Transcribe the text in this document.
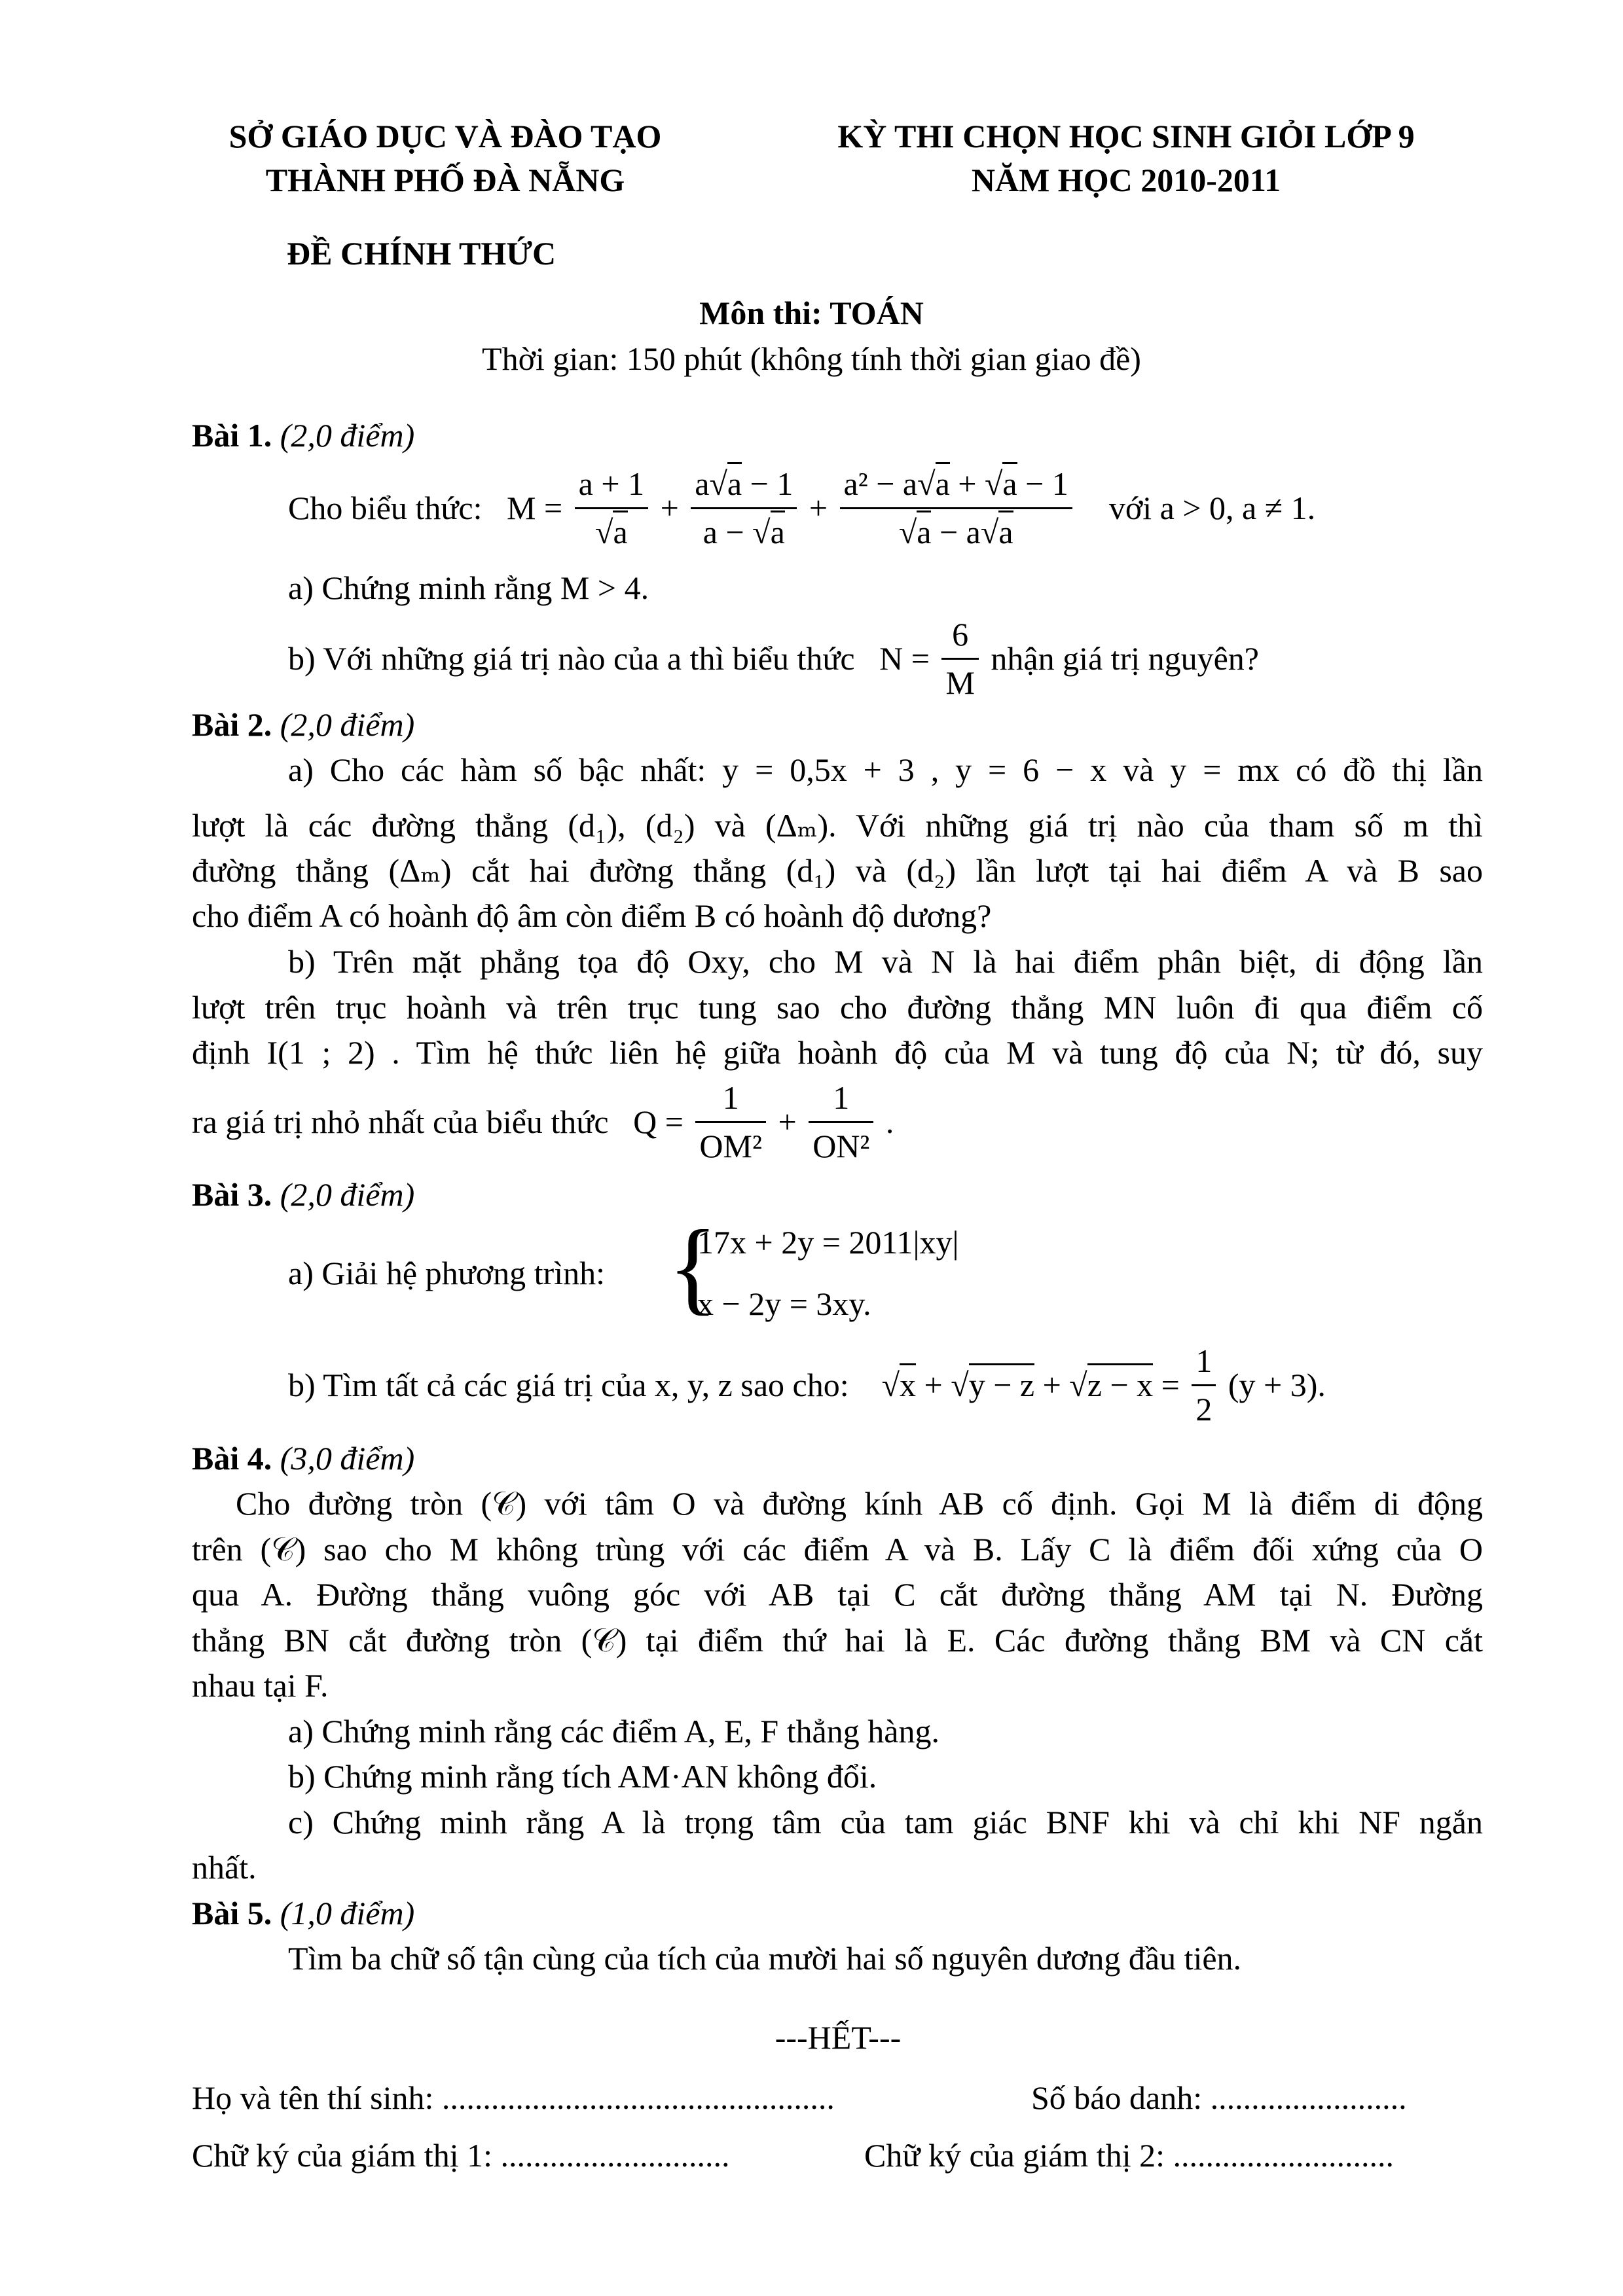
SỞ GIÁO DỤC VÀ ĐÀO TẠO
THÀNH PHỐ ĐÀ NẴNG
KỲ THI CHỌN HỌC SINH GIỎI LỚP 9
NĂM HỌC 2010-2011
ĐỀ CHÍNH THỨC
Môn thi: TOÁN
Thời gian: 150 phút (không tính thời gian giao đề)
Bài 1. (2,0 điểm)
Cho biểu thức: $M = \frac{a + 1}{√a} + \frac{a√a - 1}{a - √a} + \frac{\text{a² − a√a + √a − 1}}{√a - a√a}$ với a > 0, a ≠ 1.
a) Chứng minh rằng M > 4.
b) Với những giá trị nào của a thì biểu thức $N = \frac{6}{M}$ nhận giá trị nguyên?
Bài 2. (2,0 điểm)
a) Cho các hàm số bậc nhất: y = 0,5x + 3 , y = 6 − x và y = mx có đồ thị lần
lượt là các đường thẳng (d₁), (d₂) và (Δₘ). Với những giá trị nào của tham số m thì
đường thẳng (Δₘ) cắt hai đường thẳng (d₁) và (d₂) lần lượt tại hai điểm A và B sao
cho điểm A có hoành độ âm còn điểm B có hoành độ dương?
b) Trên mặt phẳng tọa độ Oxy, cho M và N là hai điểm phân biệt, di động lần
lượt trên trục hoành và trên trục tung sao cho đường thẳng MN luôn đi qua điểm cố
định I(1 ; 2) . Tìm hệ thức liên hệ giữa hoành độ của M và tung độ của N; từ đó, suy
ra giá trị nhỏ nhất của biểu thức $Q = \frac{1}{\text{OM²}} + \frac{1}{\text{ON²}}$ .
Bài 3. (2,0 điểm)
a) Giải hệ phương trình: {
17x + 2y = 2011|xy|
x − 2y = 3xy.
b) Tìm tất cả các giá trị của x, y, z sao cho:    $√x + √y - z + √z - x = \frac{1}{2} (y + 3)$.
Bài 4. (3,0 điểm)
Cho đường tròn (𝒞) với tâm O và đường kính AB cố định. Gọi M là điểm di động
trên (𝒞) sao cho M không trùng với các điểm A và B. Lấy C là điểm đối xứng của O
qua A. Đường thẳng vuông góc với AB tại C cắt đường thẳng AM tại N. Đường
thẳng BN cắt đường tròn (𝒞) tại điểm thứ hai là E. Các đường thẳng BM và CN cắt
nhau tại F.
a) Chứng minh rằng các điểm A, E, F thẳng hàng.
b) Chứng minh rằng tích AM·AN không đổi.
c) Chứng minh rằng A là trọng tâm của tam giác BNF khi và chỉ khi NF ngắn
nhất.
Bài 5. (1,0 điểm)
Tìm ba chữ số tận cùng của tích của mười hai số nguyên dương đầu tiên.
---HẾT---
Họ và tên thí sinh: ................................................	Số báo danh: ........................
Chữ ký của giám thị 1: ............................	Chữ ký của giám thị 2: ...........................
